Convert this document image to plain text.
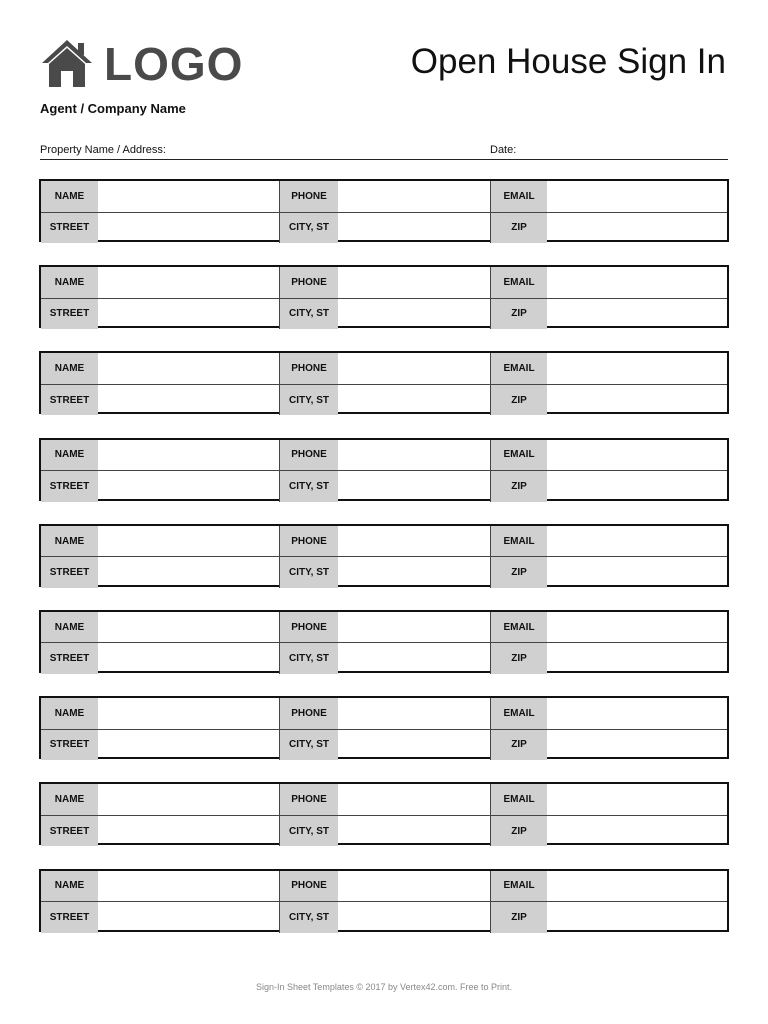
LOGO	Open House Sign In
Agent / Company Name
Property Name / Address:	Date:
NAME	PHONE	EMAIL
STREET	CITY, ST	ZIP
NAME	PHONE	EMAIL
STREET	CITY, ST	ZIP
NAME	PHONE	EMAIL
STREET	CITY, ST	ZIP
NAME	PHONE	EMAIL
STREET	CITY, ST	ZIP
NAME	PHONE	EMAIL
STREET	CITY, ST	ZIP
NAME	PHONE	EMAIL
STREET	CITY, ST	ZIP
NAME	PHONE	EMAIL
STREET	CITY, ST	ZIP
NAME	PHONE	EMAIL
STREET	CITY, ST	ZIP
NAME	PHONE	EMAIL
STREET	CITY, ST	ZIP
Sign-In Sheet Templates © 2017 by Vertex42.com. Free to Print.
